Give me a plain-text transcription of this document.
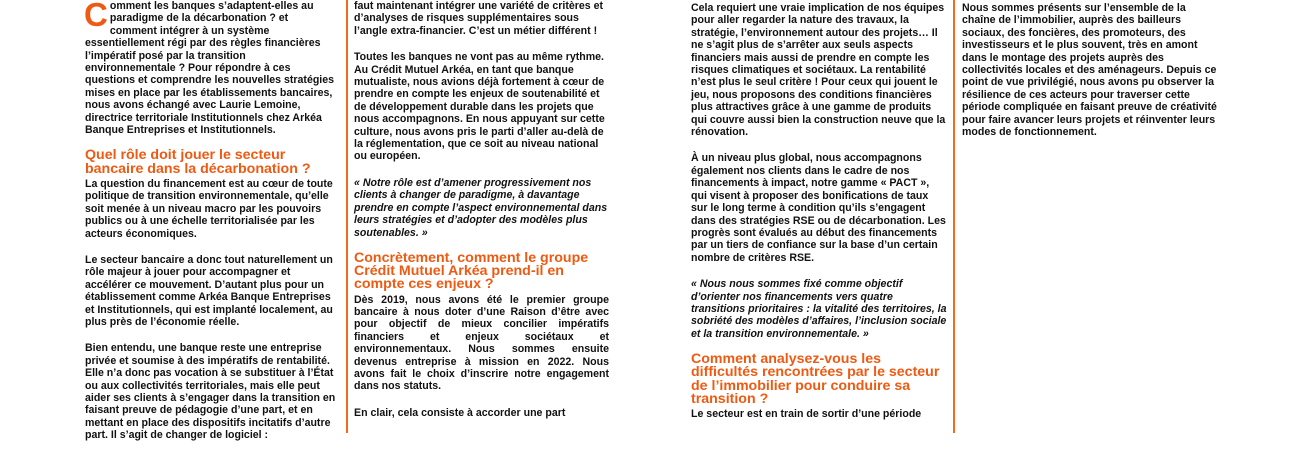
Comment les banques s’adaptent-elles au paradigme de la décarbonation ? et comment intégrer à un système essentiellement régi par des règles financières l’impératif posé par la transition environnementale ? Pour répondre à ces questions et comprendre les nouvelles stratégies mises en place par les établissements bancaires, nous avons échangé avec Laurie Lemoine, directrice territoriale Institutionnels chez Arkéa Banque Entreprises et Institutionnels.

Quel rôle doit jouer le secteur bancaire dans la décarbonation ?

La question du financement est au cœur de toute politique de transition environnementale, qu’elle soit menée à un niveau macro par les pouvoirs publics ou à une échelle territorialisée par les acteurs économiques.

Le secteur bancaire a donc tout naturellement un rôle majeur à jouer pour accompagner et accélérer ce mouvement. D’autant plus pour un établissement comme Arkéa Banque Entreprises et Institutionnels, qui est implanté localement, au plus près de l’économie réelle.

Bien entendu, une banque reste une entreprise privée et soumise à des impératifs de rentabilité. Elle n’a donc pas vocation à se substituer à l’État ou aux collectivités territoriales, mais elle peut aider ses clients à s’engager dans la transition en faisant preuve de pédagogie d’une part, et en mettant en place des dispositifs incitatifs d’autre part. Il s’agit de changer de logiciel :

faut maintenant intégrer une variété de critères et d’analyses de risques supplémentaires sous l’angle extra-financier. C’est un métier différent !

Toutes les banques ne vont pas au même rythme. Au Crédit Mutuel Arkéa, en tant que banque mutualiste, nous avions déjà fortement à cœur de prendre en compte les enjeux de soutenabilité et de développement durable dans les projets que nous accompagnons. En nous appuyant sur cette culture, nous avons pris le parti d’aller au-delà de la réglementation, que ce soit au niveau national ou européen.

« Notre rôle est d’amener progressivement nos clients à changer de paradigme, à davantage prendre en compte l’aspect environnemental dans leurs stratégies et d’adopter des modèles plus soutenables. »

Concrètement, comment le groupe Crédit Mutuel Arkéa prend-il en compte ces enjeux ?

Dès 2019, nous avons été le premier groupe bancaire à nous doter d’une Raison d’être avec pour objectif de mieux concilier impératifs financiers et enjeux sociétaux et environnementaux. Nous sommes ensuite devenus entreprise à mission en 2022. Nous avons fait le choix d’inscrire notre engagement dans nos statuts.

En clair, cela consiste à accorder une part

Cela requiert une vraie implication de nos équipes pour aller regarder la nature des travaux, la stratégie, l’environnement autour des projets… Il ne s’agit plus de s’arrêter aux seuls aspects financiers mais aussi de prendre en compte les risques climatiques et sociétaux. La rentabilité n’est plus le seul critère ! Pour ceux qui jouent le jeu, nous proposons des conditions financières plus attractives grâce à une gamme de produits qui couvre aussi bien la construction neuve que la rénovation.

À un niveau plus global, nous accompagnons également nos clients dans le cadre de nos financements à impact, notre gamme « PACT », qui visent à proposer des bonifications de taux sur le long terme à condition qu’ils s’engagent dans des stratégies RSE ou de décarbonation. Les progrès sont évalués au début des financements par un tiers de confiance sur la base d’un certain nombre de critères RSE.

« Nous nous sommes fixé comme objectif d’orienter nos financements vers quatre transitions prioritaires : la vitalité des territoires, la sobriété des modèles d’affaires, l’inclusion sociale et la transition environnementale. »

Comment analysez-vous les difficultés rencontrées par le secteur de l’immobilier pour conduire sa transition ?

Le secteur est en train de sortir d’une période

Nous sommes présents sur l’ensemble de la chaîne de l’immobilier, auprès des bailleurs sociaux, des foncières, des promoteurs, des investisseurs et le plus souvent, très en amont dans le montage des projets auprès des collectivités locales et des aménageurs. Depuis ce point de vue privilégié, nous avons pu observer la résilience de ces acteurs pour traverser cette période compliquée en faisant preuve de créativité pour faire avancer leurs projets et réinventer leurs modes de fonctionnement.
